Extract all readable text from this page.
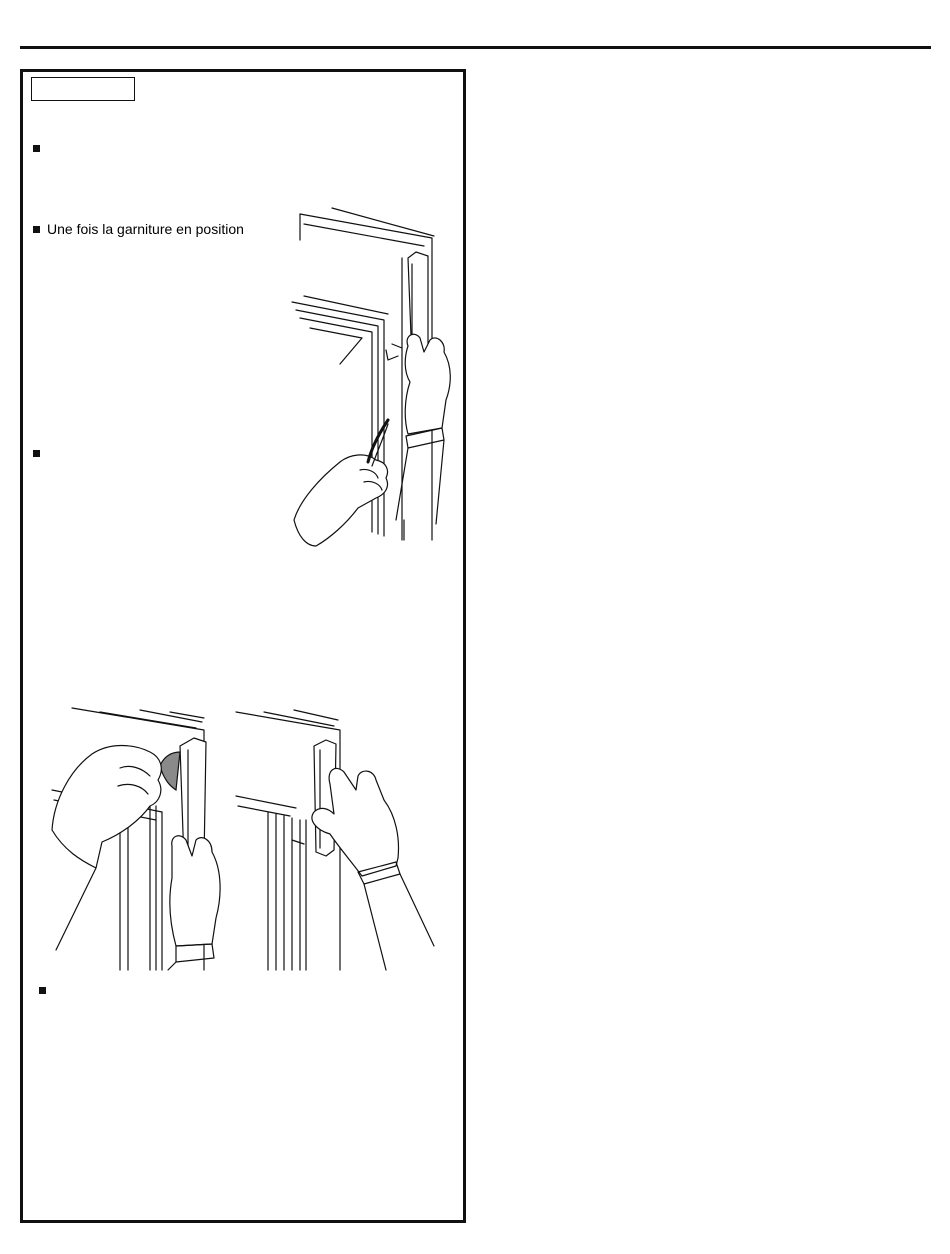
Une fois la garniture en position
